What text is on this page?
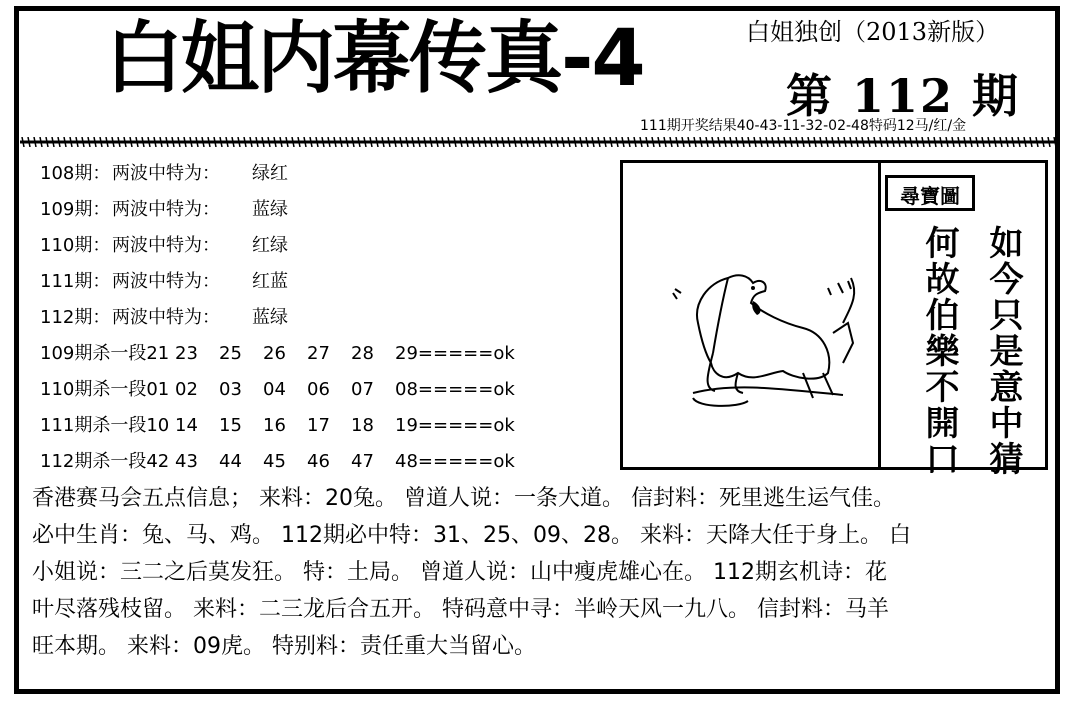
白姐内幕传真-4	白姐独创（2013新版）
第 112 期
111期开奖结果40-43-11-32-02-48特码12马/红/金
108期：两波中特为： 绿红
109期：两波中特为： 蓝绿
110期：两波中特为： 红绿
111期：两波中特为： 红蓝
112期：两波中特为： 蓝绿
109期杀一段21 23 25 26 27 28 29=====ok
110期杀一段01 02 03 04 06 07 08=====ok
111期杀一段10 14 15 16 17 18 19=====ok
112期杀一段42 43 44 45 46 47 48=====ok
尋寶圖
如今只是意中猜
何故伯樂不開口
香港赛马会五点信息； 来料：20兔。 曾道人说：一条大道。 信封料：死里逃生运气佳。
必中生肖：兔、马、鸡。 112期必中特：31、25、09、28。 来料：天降大任于身上。 白
小姐说：三二之后莫发狂。 特：土局。 曾道人说：山中瘦虎雄心在。 112期玄机诗：花
叶尽落残枝留。 来料：二三龙后合五开。 特码意中寻：半岭天风一九八。 信封料：马羊
旺本期。 来料：09虎。 特别料：责任重大当留心。
